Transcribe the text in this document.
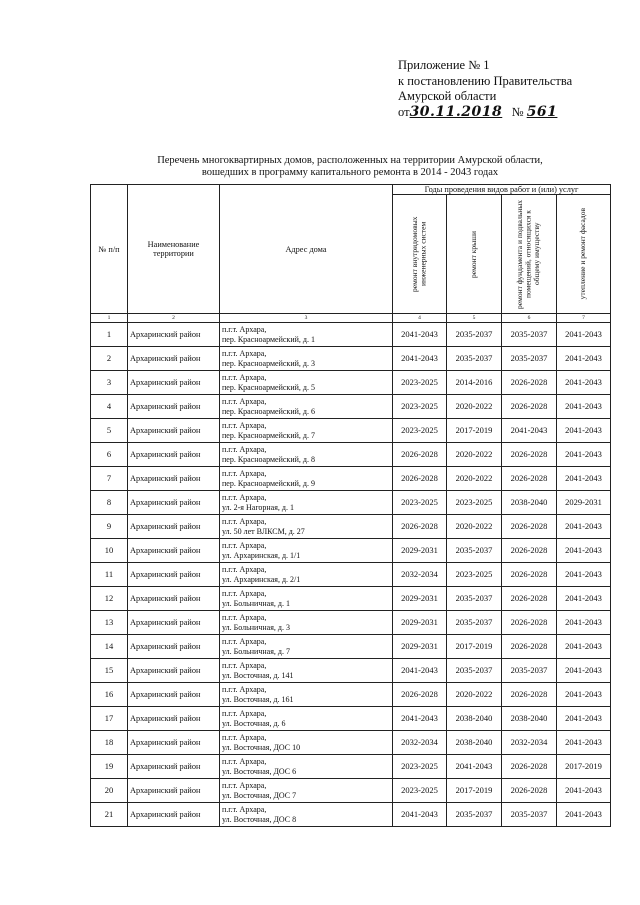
Приложение № 1
к постановлению Правительства
Амурской области
от30.11.2018 № 561
Перечень многоквартирных домов, расположенных на территории Амурской области,
вошедших в программу капитального ремонта в 2014 - 2043 годах
№ п/п	Наименование территории	Адрес дома	Годы проведения видов работ и (или) услуг			

			ремонт внутридомовых инженерных систем	ремонт крыши	ремонт фундамента и подвальных помещений, относящихся к общему имуществу	утепление и ремонт фасадов

1	2	3	4	5	6	7
1	Архаринский район	п.г.т. Архара,
пер. Красноармейский, д. 1	2041-2043	2035-2037	2035-2037	2041-2043
2	Архаринский район	п.г.т. Архара,
пер. Красноармейский, д. 3	2041-2043	2035-2037	2035-2037	2041-2043
3	Архаринский район	п.г.т. Архара,
пер. Красноармейский, д. 5	2023-2025	2014-2016	2026-2028	2041-2043
4	Архаринский район	п.г.т. Архара,
пер. Красноармейский, д. 6	2023-2025	2020-2022	2026-2028	2041-2043
5	Архаринский район	п.г.т. Архара,
пер. Красноармейский, д. 7	2023-2025	2017-2019	2041-2043	2041-2043
6	Архаринский район	п.г.т. Архара,
пер. Красноармейский, д. 8	2026-2028	2020-2022	2026-2028	2041-2043
7	Архаринский район	п.г.т. Архара,
пер. Красноармейский, д. 9	2026-2028	2020-2022	2026-2028	2041-2043
8	Архаринский район	п.г.т. Архара,
ул. 2-я Нагорная, д. 1	2023-2025	2023-2025	2038-2040	2029-2031
9	Архаринский район	п.г.т. Архара,
ул. 50 лет ВЛКСМ, д. 27	2026-2028	2020-2022	2026-2028	2041-2043
10	Архаринский район	п.г.т. Архара,
ул. Архаринская, д. 1/1	2029-2031	2035-2037	2026-2028	2041-2043
11	Архаринский район	п.г.т. Архара,
ул. Архаринская, д. 2/1	2032-2034	2023-2025	2026-2028	2041-2043
12	Архаринский район	п.г.т. Архара,
ул. Больничная, д. 1	2029-2031	2035-2037	2026-2028	2041-2043
13	Архаринский район	п.г.т. Архара,
ул. Больничная, д. 3	2029-2031	2035-2037	2026-2028	2041-2043
14	Архаринский район	п.г.т. Архара,
ул. Больничная, д. 7	2029-2031	2017-2019	2026-2028	2041-2043
15	Архаринский район	п.г.т. Архара,
ул. Восточная, д. 141	2041-2043	2035-2037	2035-2037	2041-2043
16	Архаринский район	п.г.т. Архара,
ул. Восточная, д. 161	2026-2028	2020-2022	2026-2028	2041-2043
17	Архаринский район	п.г.т. Архара,
ул. Восточная, д. 6	2041-2043	2038-2040	2038-2040	2041-2043
18	Архаринский район	п.г.т. Архара,
ул. Восточная, ДОС 10	2032-2034	2038-2040	2032-2034	2041-2043
19	Архаринский район	п.г.т. Архара,
ул. Восточная, ДОС 6	2023-2025	2041-2043	2026-2028	2017-2019
20	Архаринский район	п.г.т. Архара,
ул. Восточная, ДОС 7	2023-2025	2017-2019	2026-2028	2041-2043
21	Архаринский район	п.г.т. Архара,
ул. Восточная, ДОС 8	2041-2043	2035-2037	2035-2037	2041-2043
